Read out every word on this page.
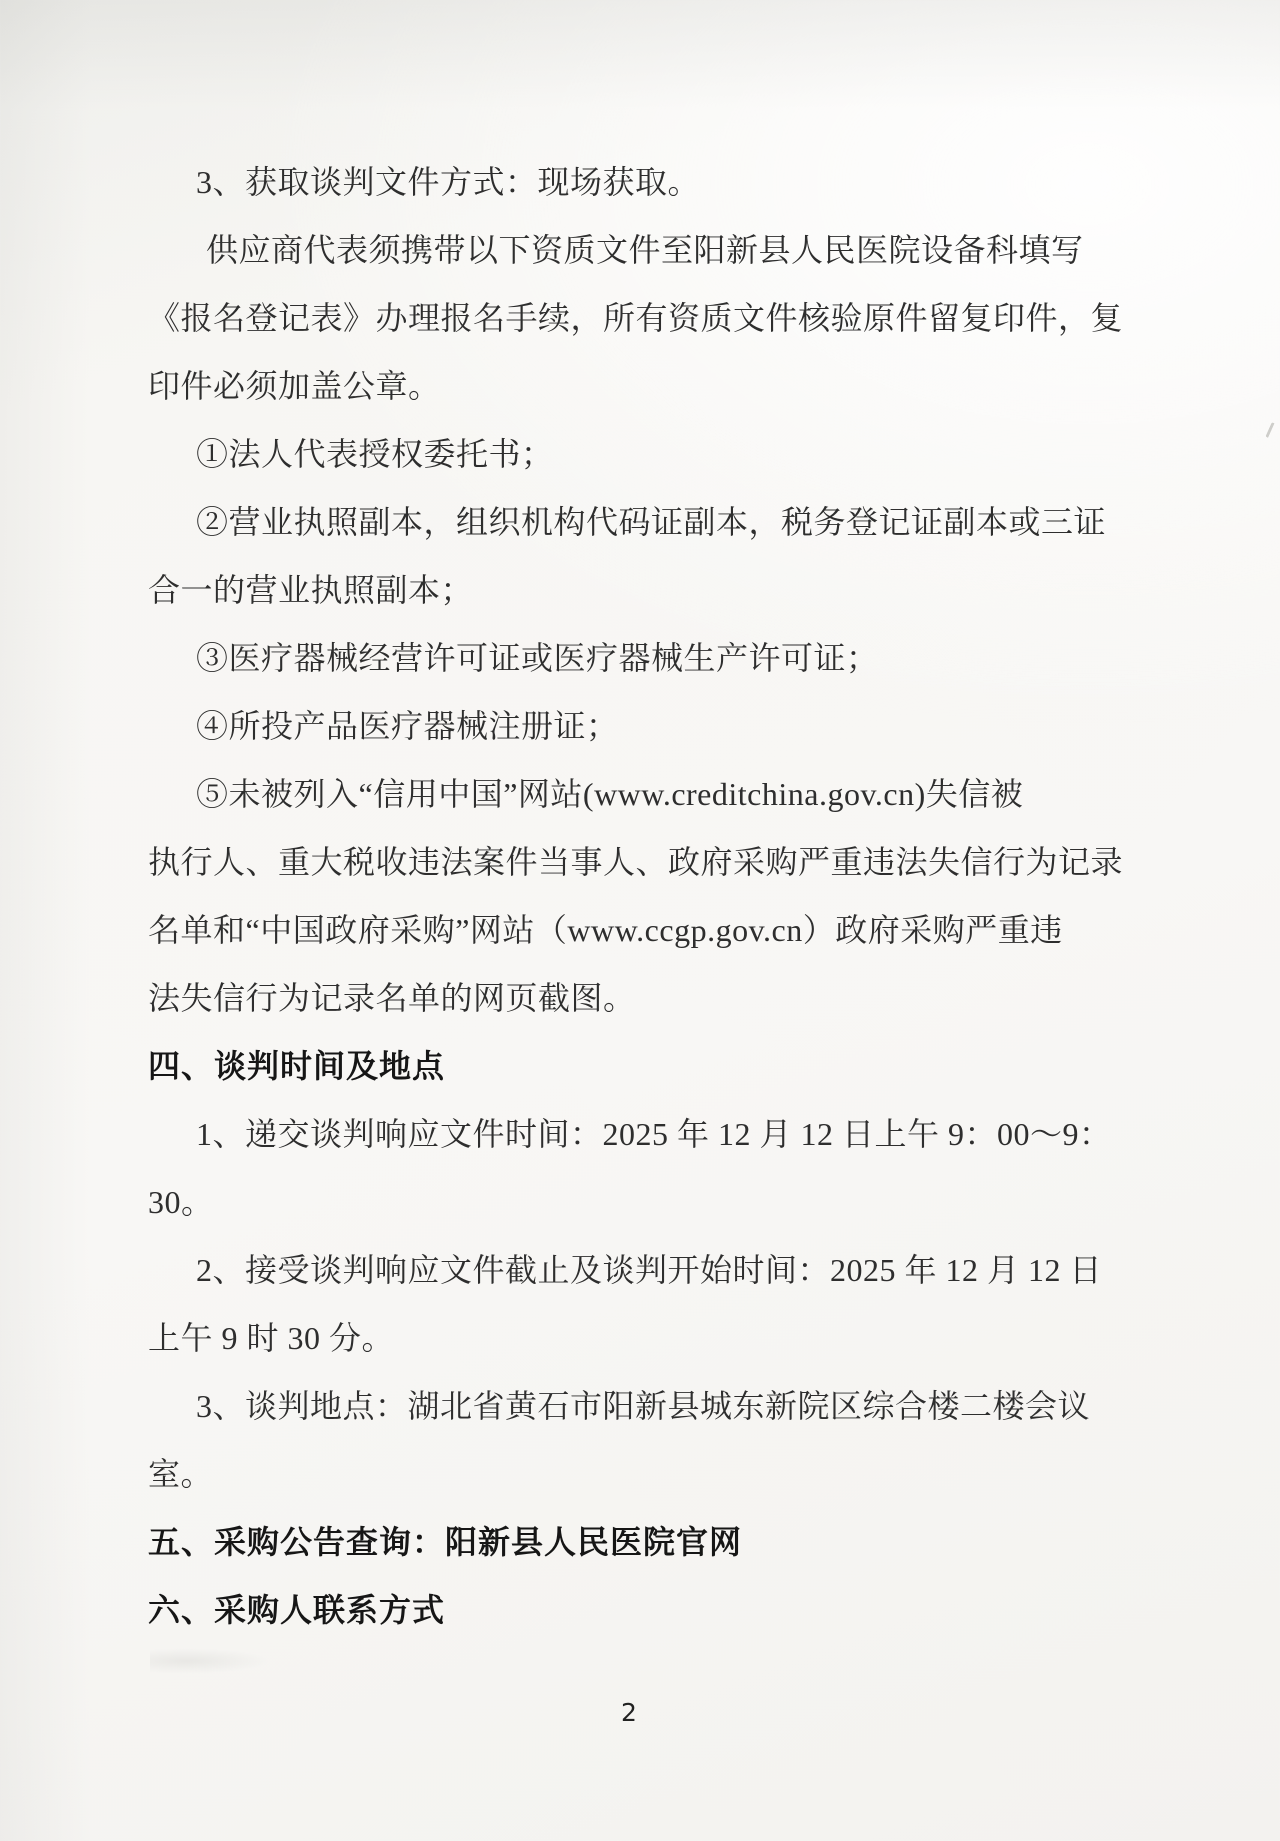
3、获取谈判文件方式：现场获取。
供应商代表须携带以下资质文件至阳新县人民医院设备科填写
《报名登记表》办理报名手续，所有资质文件核验原件留复印件，复
印件必须加盖公章。
①法人代表授权委托书；
②营业执照副本，组织机构代码证副本，税务登记证副本或三证
合一的营业执照副本；
③医疗器械经营许可证或医疗器械生产许可证；
④所投产品医疗器械注册证；
⑤未被列入“信用中国”网站(www.creditchina.gov.cn)失信被
执行人、重大税收违法案件当事人、政府采购严重违法失信行为记录
名单和“中国政府采购”网站（www.ccgp.gov.cn）政府采购严重违
法失信行为记录名单的网页截图。
四、谈判时间及地点
1、递交谈判响应文件时间：2025 年 12 月 12 日上午 9：00～9：
30。
2、接受谈判响应文件截止及谈判开始时间：2025 年 12 月 12 日
上午 9 时 30 分。
3、谈判地点：湖北省黄石市阳新县城东新院区综合楼二楼会议
室。
五、采购公告查询：阳新县人民医院官网
六、采购人联系方式
2
